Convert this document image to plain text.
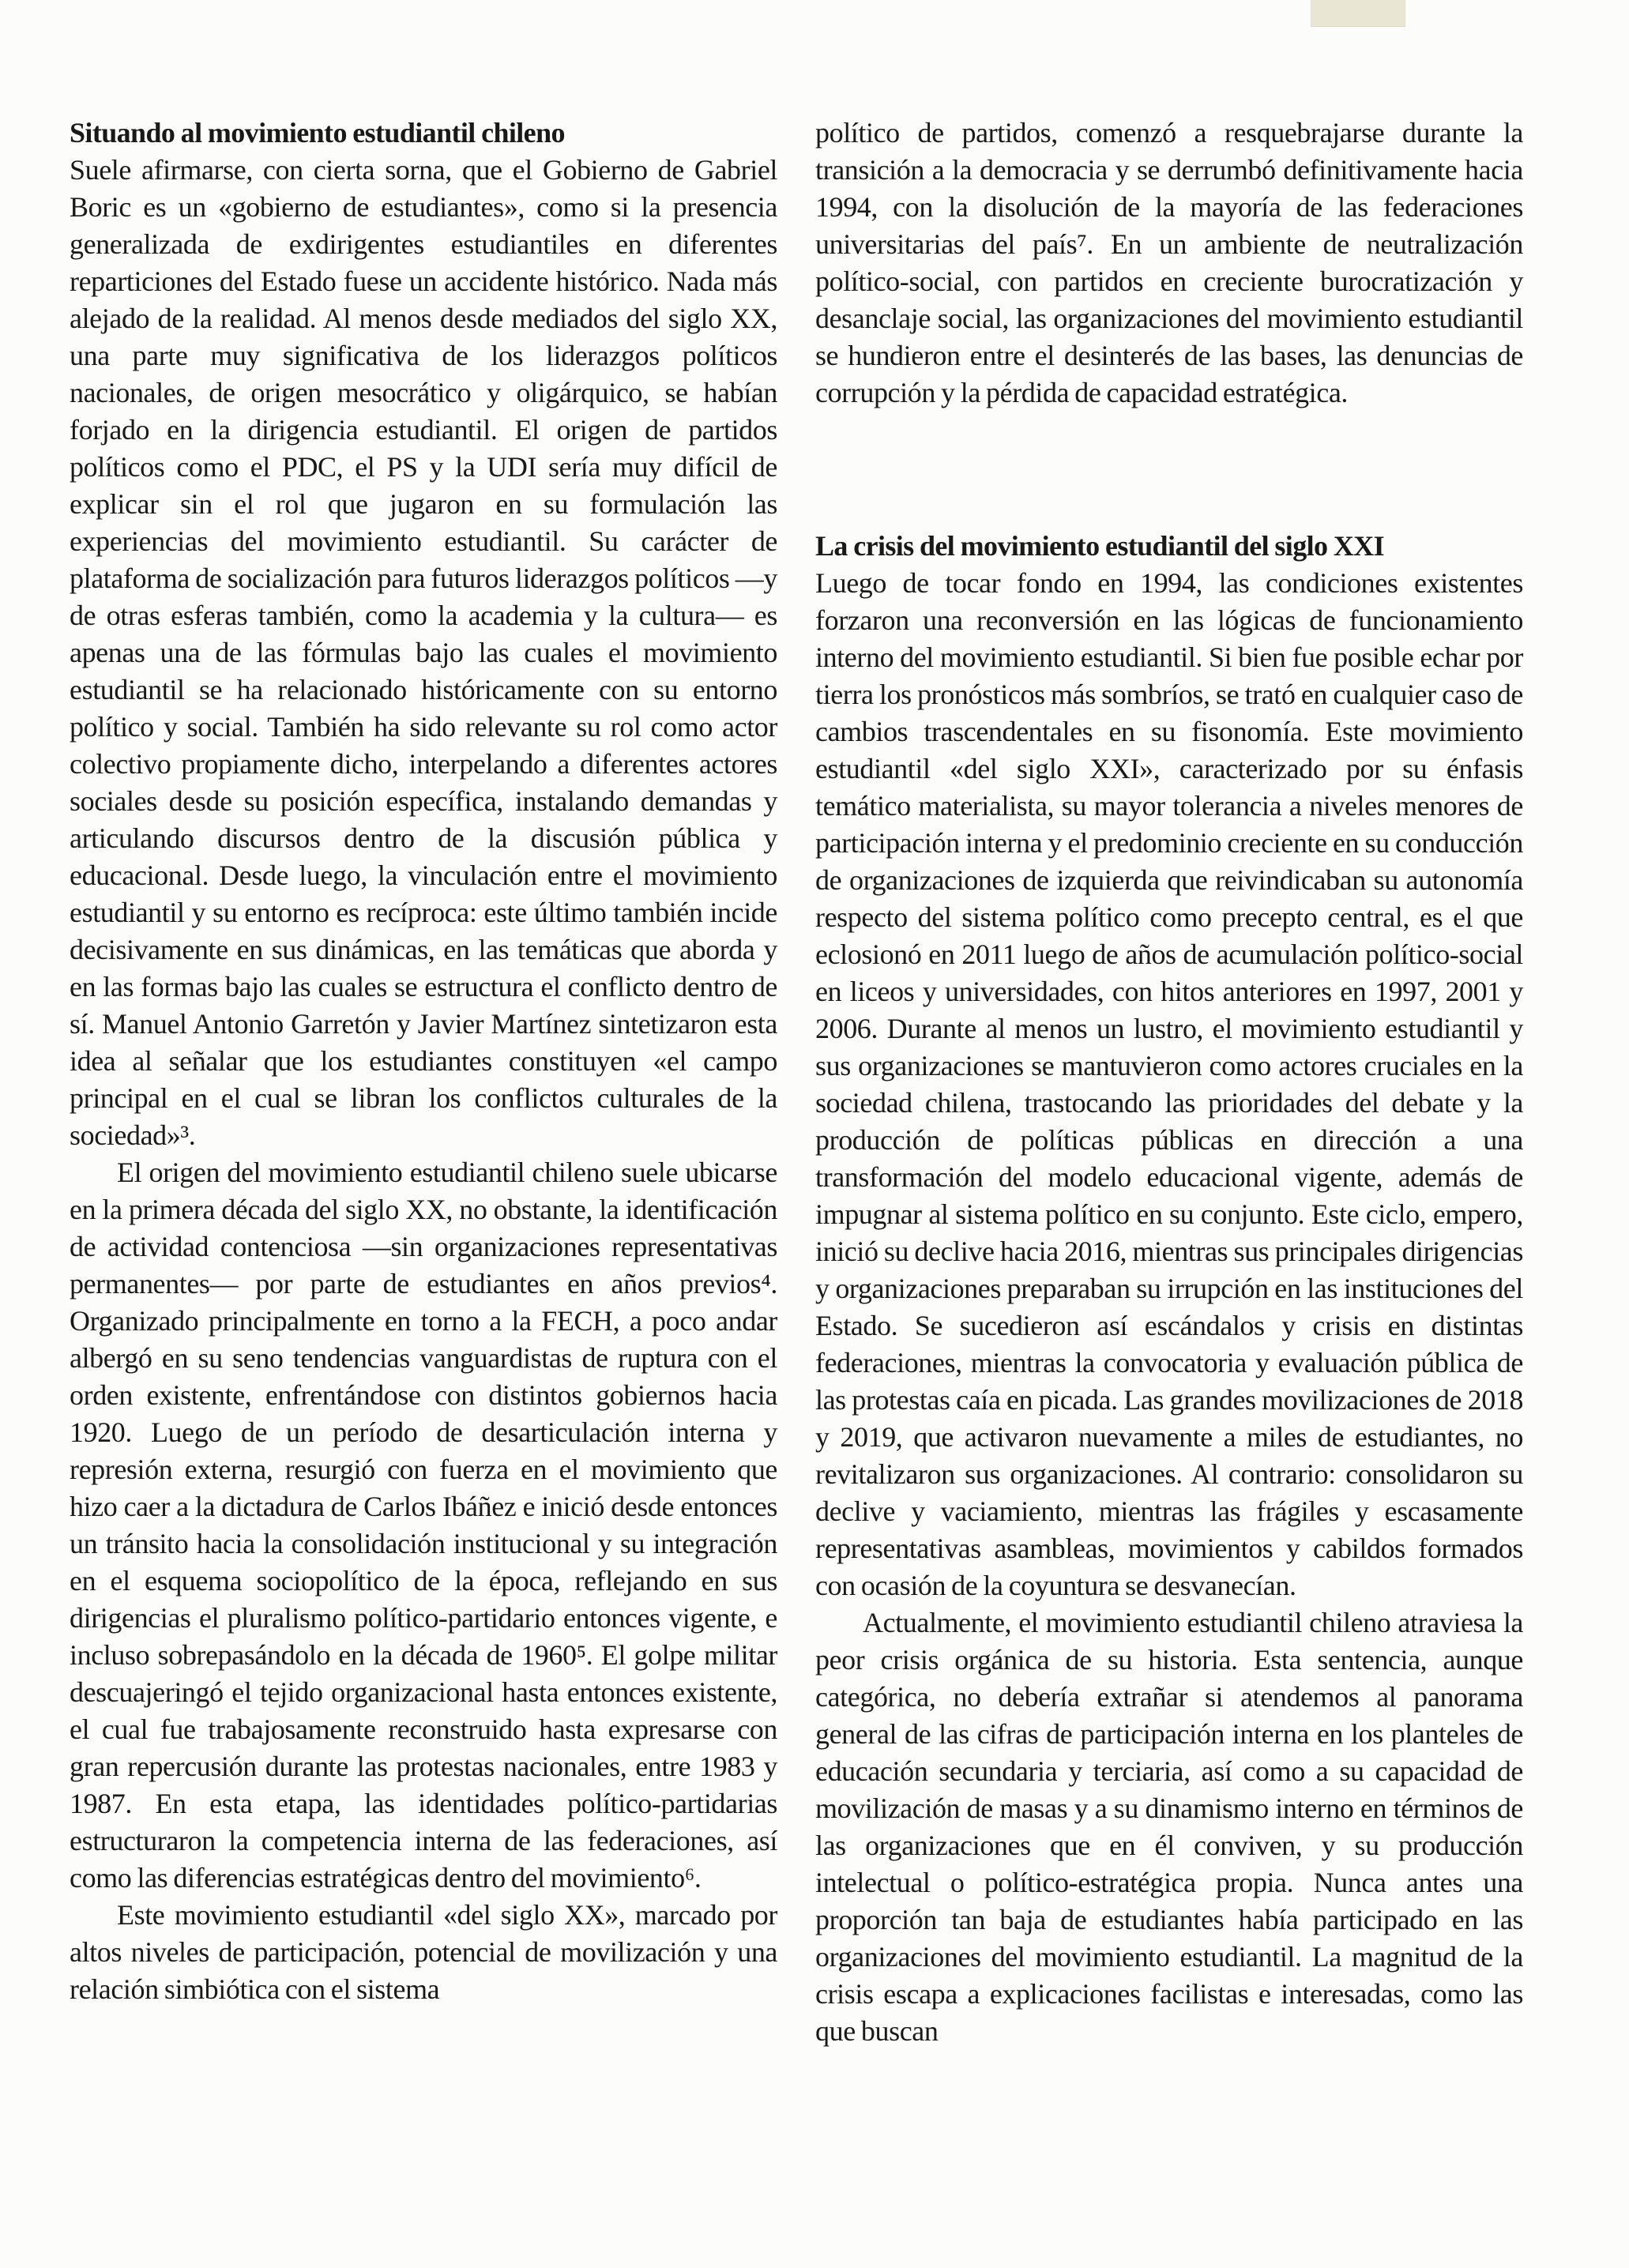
Situando al movimiento estudiantil chileno

Suele afirmarse, con cierta sorna, que el Gobierno de Gabriel Boric es un «gobierno de estudiantes», como si la presencia generalizada de exdirigentes estudiantiles en diferentes reparticiones del Estado fuese un accidente histórico. Nada más alejado de la realidad. Al menos desde mediados del siglo XX, una parte muy significativa de los liderazgos políticos nacionales, de origen mesocrático y oligárquico, se habían forjado en la dirigencia estudiantil. El origen de partidos políticos como el PDC, el PS y la UDI sería muy difícil de explicar sin el rol que jugaron en su formulación las experiencias del movimiento estudiantil. Su carácter de plataforma de socialización para futuros liderazgos políticos —y de otras esferas también, como la academia y la cultura— es apenas una de las fórmulas bajo las cuales el movimiento estudiantil se ha relacionado históricamente con su entorno político y social. También ha sido relevante su rol como actor colectivo propiamente dicho, interpelando a diferentes actores sociales desde su posición específica, instalando demandas y articulando discursos dentro de la discusión pública y educacional. Desde luego, la vinculación entre el movimiento estudiantil y su entorno es recíproca: este último también incide decisivamente en sus dinámicas, en las temáticas que aborda y en las formas bajo las cuales se estructura el conflicto dentro de sí. Manuel Antonio Garretón y Javier Martínez sintetizaron esta idea al señalar que los estudiantes constituyen «el campo principal en el cual se libran los conflictos culturales de la sociedad»³.

El origen del movimiento estudiantil chileno suele ubicarse en la primera década del siglo XX, no obstante, la identificación de actividad contenciosa —sin organizaciones representativas permanentes— por parte de estudiantes en años previos⁴. Organizado principalmente en torno a la FECH, a poco andar albergó en su seno tendencias vanguardistas de ruptura con el orden existente, enfrentándose con distintos gobiernos hacia 1920. Luego de un período de desarticulación interna y represión externa, resurgió con fuerza en el movimiento que hizo caer a la dictadura de Carlos Ibáñez e inició desde entonces un tránsito hacia la consolidación institucional y su integración en el esquema sociopolítico de la época, reflejando en sus dirigencias el pluralismo político-partidario entonces vigente, e incluso sobrepasándolo en la década de 1960⁵. El golpe militar descuajeringó el tejido organizacional hasta entonces existente, el cual fue trabajosamente reconstruido hasta expresarse con gran repercusión durante las protestas nacionales, entre 1983 y 1987. En esta etapa, las identidades político-partidarias estructuraron la competencia interna de las federaciones, así como las diferencias estratégicas dentro del movimiento⁶.

Este movimiento estudiantil «del siglo XX», marcado por altos niveles de participación, potencial de movilización y una relación simbiótica con el sistema

político de partidos, comenzó a resquebrajarse durante la transición a la democracia y se derrumbó definitivamente hacia 1994, con la disolución de la mayoría de las federaciones universitarias del país⁷. En un ambiente de neutralización político-social, con partidos en creciente burocratización y desanclaje social, las organizaciones del movimiento estudiantil se hundieron entre el desinterés de las bases, las denuncias de corrupción y la pérdida de capacidad estratégica.

La crisis del movimiento estudiantil del siglo XXI

Luego de tocar fondo en 1994, las condiciones existentes forzaron una reconversión en las lógicas de funcionamiento interno del movimiento estudiantil. Si bien fue posible echar por tierra los pronósticos más sombríos, se trató en cualquier caso de cambios trascendentales en su fisonomía. Este movimiento estudiantil «del siglo XXI», caracterizado por su énfasis temático materialista, su mayor tolerancia a niveles menores de participación interna y el predominio creciente en su conducción de organizaciones de izquierda que reivindicaban su autonomía respecto del sistema político como precepto central, es el que eclosionó en 2011 luego de años de acumulación político-social en liceos y universidades, con hitos anteriores en 1997, 2001 y 2006. Durante al menos un lustro, el movimiento estudiantil y sus organizaciones se mantuvieron como actores cruciales en la sociedad chilena, trastocando las prioridades del debate y la producción de políticas públicas en dirección a una transformación del modelo educacional vigente, además de impugnar al sistema político en su conjunto. Este ciclo, empero, inició su declive hacia 2016, mientras sus principales dirigencias y organizaciones preparaban su irrupción en las instituciones del Estado. Se sucedieron así escándalos y crisis en distintas federaciones, mientras la convocatoria y evaluación pública de las protestas caía en picada. Las grandes movilizaciones de 2018 y 2019, que activaron nuevamente a miles de estudiantes, no revitalizaron sus organizaciones. Al contrario: consolidaron su declive y vaciamiento, mientras las frágiles y escasamente representativas asambleas, movimientos y cabildos formados con ocasión de la coyuntura se desvanecían.

Actualmente, el movimiento estudiantil chileno atraviesa la peor crisis orgánica de su historia. Esta sentencia, aunque categórica, no debería extrañar si atendemos al panorama general de las cifras de participación interna en los planteles de educación secundaria y terciaria, así como a su capacidad de movilización de masas y a su dinamismo interno en términos de las organizaciones que en él conviven, y su producción intelectual o político-estratégica propia. Nunca antes una proporción tan baja de estudiantes había participado en las organizaciones del movimiento estudiantil. La magnitud de la crisis escapa a explicaciones facilistas e interesadas, como las que buscan
